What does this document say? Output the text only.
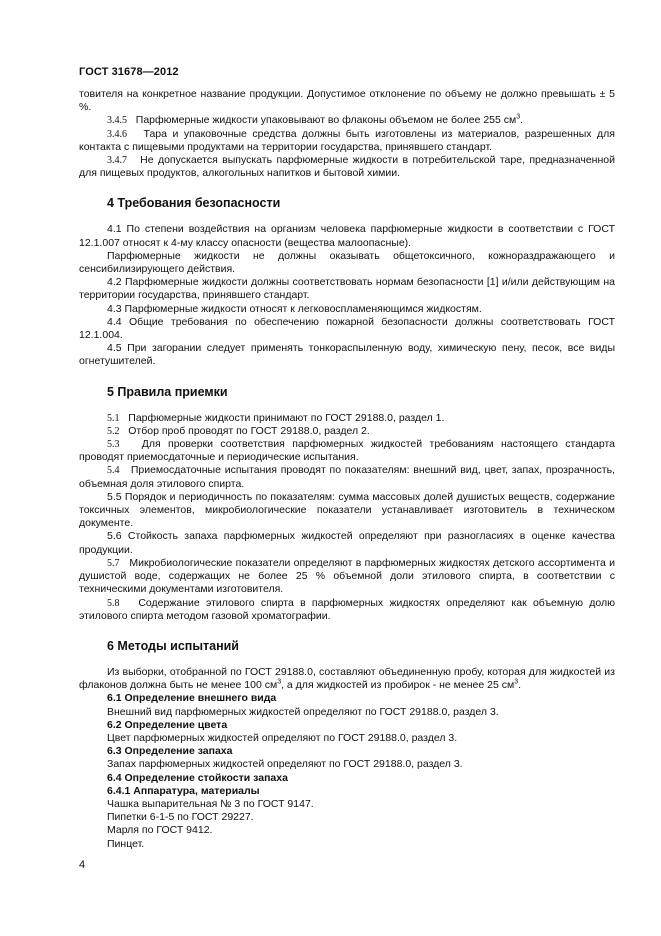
ГОСТ 31678—2012

товителя на конкретное название продукции. Допустимое отклонение по объему не должно превышать ± 5 %.

3.4.5 Парфюмерные жидкости упаковывают во флаконы объемом не более 255 $см^3$.

3.4.6 Тара и упаковочные средства должны быть изготовлены из материалов, разрешенных для контакта с пищевыми продуктами на территории государства, принявшего стандарт.

3.4.7 Не допускается выпускать парфюмерные жидкости в потребительской таре, предназначенной для пищевых продуктов, алкогольных напитков и бытовой химии.

4 Требования безопасности

4.1 По степени воздействия на организм человека парфюмерные жидкости в соответствии с ГОСТ 12.1.007 относят к 4-му классу опасности (вещества малоопасные).

Парфюмерные жидкости не должны оказывать общетоксичного, кожнораздражающего и сенсибилизирующего действия.

4.2 Парфюмерные жидкости должны соответствовать нормам безопасности [1] и/или действующим на территории государства, принявшего стандарт.

4.3 Парфюмерные жидкости относят к легковоспламеняющимся жидкостям.

4.4 Общие требования по обеспечению пожарной безопасности должны соответствовать ГОСТ 12.1.004.

4.5 При загорании следует применять тонкораспыленную воду, химическую пену, песок, все виды огнетушителей.

5 Правила приемки

5.1 Парфюмерные жидкости принимают по ГОСТ 29188.0, раздел 1.

5.2 Отбор проб проводят по ГОСТ 29188.0, раздел 2.

5.3 Для проверки соответствия парфюмерных жидкостей требованиям настоящего стандарта проводят приемосдаточные и периодические испытания.

5.4 Приемосдаточные испытания проводят по показателям: внешний вид, цвет, запах, прозрачность, объемная доля этилового спирта.

5.5 Порядок и периодичность по показателям: сумма массовых долей душистых веществ, содержание токсичных элементов, микробиологические показатели устанавливает изготовитель в техническом документе.

5.6 Стойкость запаха парфюмерных жидкостей определяют при разногласиях в оценке качества продукции.

5.7 Микробиологические показатели определяют в парфюмерных жидкостях детского ассортимента и душистой воде, содержащих не более 25 % объемной доли этилового спирта, в соответствии с техническими документами изготовителя.

5.8 Содержание этилового спирта в парфюмерных жидкостях определяют как объемную долю этилового спирта методом газовой хроматографии.

6 Методы испытаний

Из выборки, отобранной по ГОСТ 29188.0, составляют объединенную пробу, которая для жидкостей из флаконов должна быть не менее 100 $см^3$, а для жидкостей из пробирок - не менее 25 $см^3$.

6.1 Определение внешнего вида

Внешний вид парфюмерных жидкостей определяют по ГОСТ 29188.0, раздел 3.

6.2 Определение цвета

Цвет парфюмерных жидкостей определяют по ГОСТ 29188.0, раздел 3.

6.3 Определение запаха

Запах парфюмерных жидкостей определяют по ГОСТ 29188.0, раздел 3.

6.4 Определение стойкости запаха

6.4.1 Аппаратура, материалы

Чашка выпарительная № 3 по ГОСТ 9147.

Пипетки 6-1-5 по ГОСТ 29227.

Марля по ГОСТ 9412.

Пинцет.

4
